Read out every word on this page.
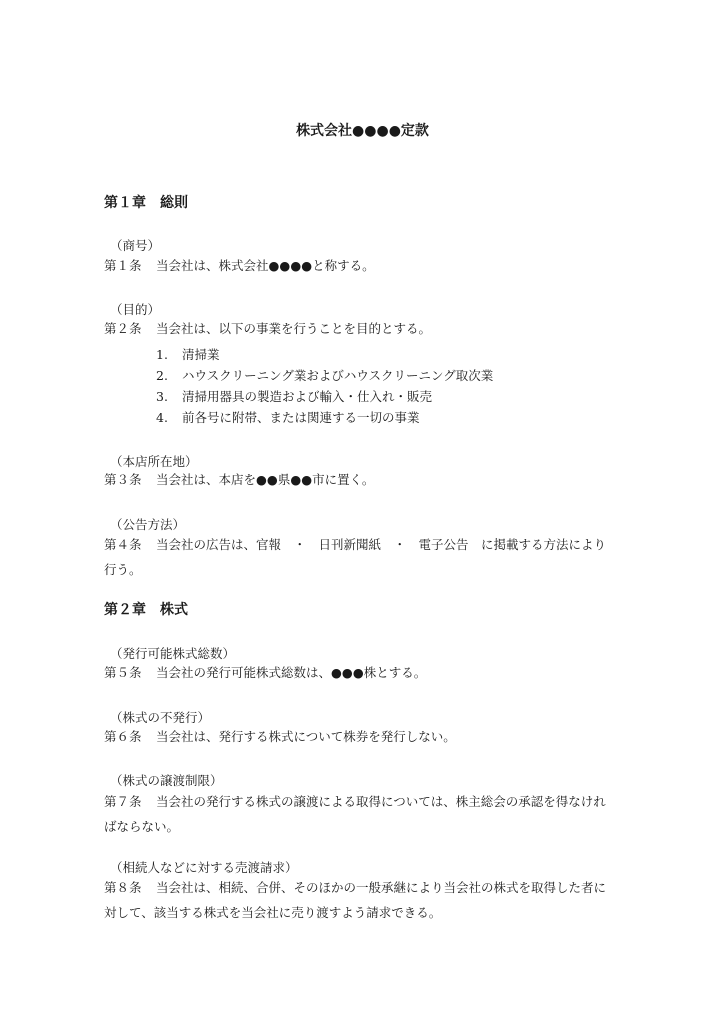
株式会社●●●●定款
第１章　総則
（商号）
第１条 当会社は、株式会社●●●●と称する。
（目的）
第２条 当会社は、以下の事業を行うことを目的とする。
1. 清掃業
2. ハウスクリーニング業およびハウスクリーニング取次業
3. 清掃用器具の製造および輸入・仕入れ・販売
4. 前各号に附帯、または関連する一切の事業
（本店所在地）
第３条 当会社は、本店を●●県●●市に置く。
（公告方法）
第４条 当会社の広告は、官報　・　日刊新聞紙　・　電子公告　に掲載する方法により
行う。
第２章　株式
（発行可能株式総数）
第５条 当会社の発行可能株式総数は、●●●株とする。
（株式の不発行）
第６条 当会社は、発行する株式について株券を発行しない。
（株式の譲渡制限）
第７条 当会社の発行する株式の譲渡による取得については、株主総会の承認を得なけれ
ばならない。
（相続人などに対する売渡請求）
第８条 当会社は、相続、合併、そのほかの一般承継により当会社の株式を取得した者に
対して、該当する株式を当会社に売り渡すよう請求できる。
